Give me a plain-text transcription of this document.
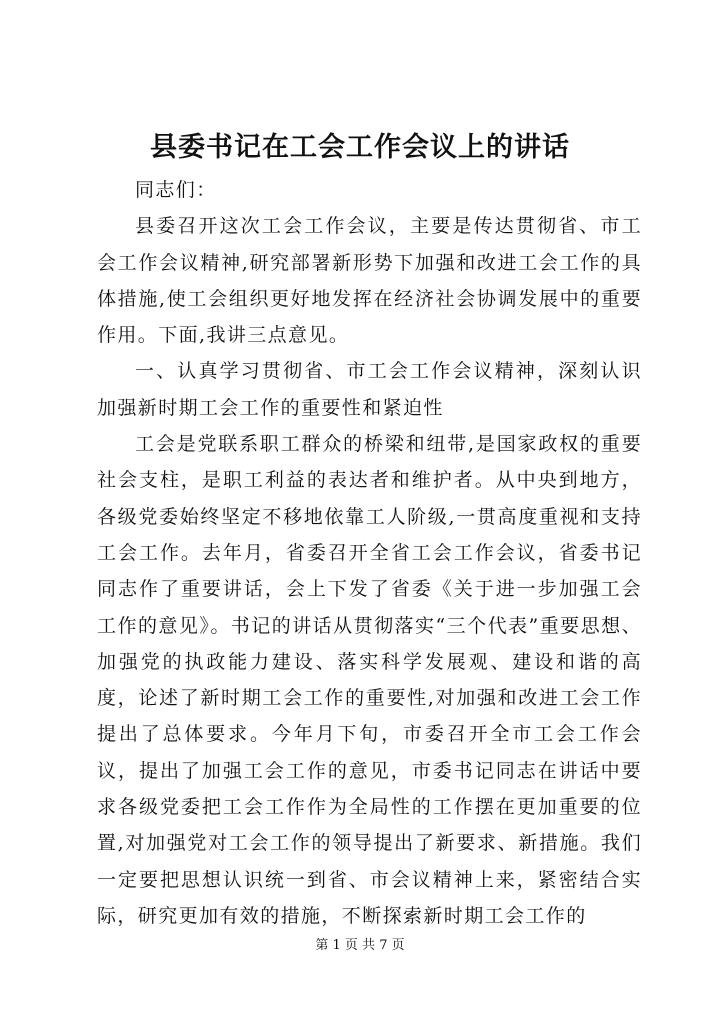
县委书记在工会工作会议上的讲话

同志们：

县委召开这次工会工作会议，主要是传达贯彻省、市工会工作会议精神,研究部署新形势下加强和改进工会工作的具体措施,使工会组织更好地发挥在经济社会协调发展中的重要作用。下面,我讲三点意见。

一、认真学习贯彻省、市工会工作会议精神，深刻认识加强新时期工会工作的重要性和紧迫性

工会是党联系职工群众的桥梁和纽带,是国家政权的重要社会支柱，是职工利益的表达者和维护者。从中央到地方，各级党委始终坚定不移地依靠工人阶级,一贯高度重视和支持工会工作。去年月，省委召开全省工会工作会议，省委书记同志作了重要讲话，会上下发了省委《关于进一步加强工会工作的意见》。书记的讲话从贯彻落实“三个代表”重要思想、加强党的执政能力建设、落实科学发展观、建设和谐的高度，论述了新时期工会工作的重要性,对加强和改进工会工作提出了总体要求。今年月下旬，市委召开全市工会工作会议，提出了加强工会工作的意见，市委书记同志在讲话中要求各级党委把工会工作作为全局性的工作摆在更加重要的位置,对加强党对工会工作的领导提出了新要求、新措施。我们一定要把思想认识统一到省、市会议精神上来，紧密结合实际，研究更加有效的措施，不断探索新时期工会工作的

第 1 页 共 7 页
